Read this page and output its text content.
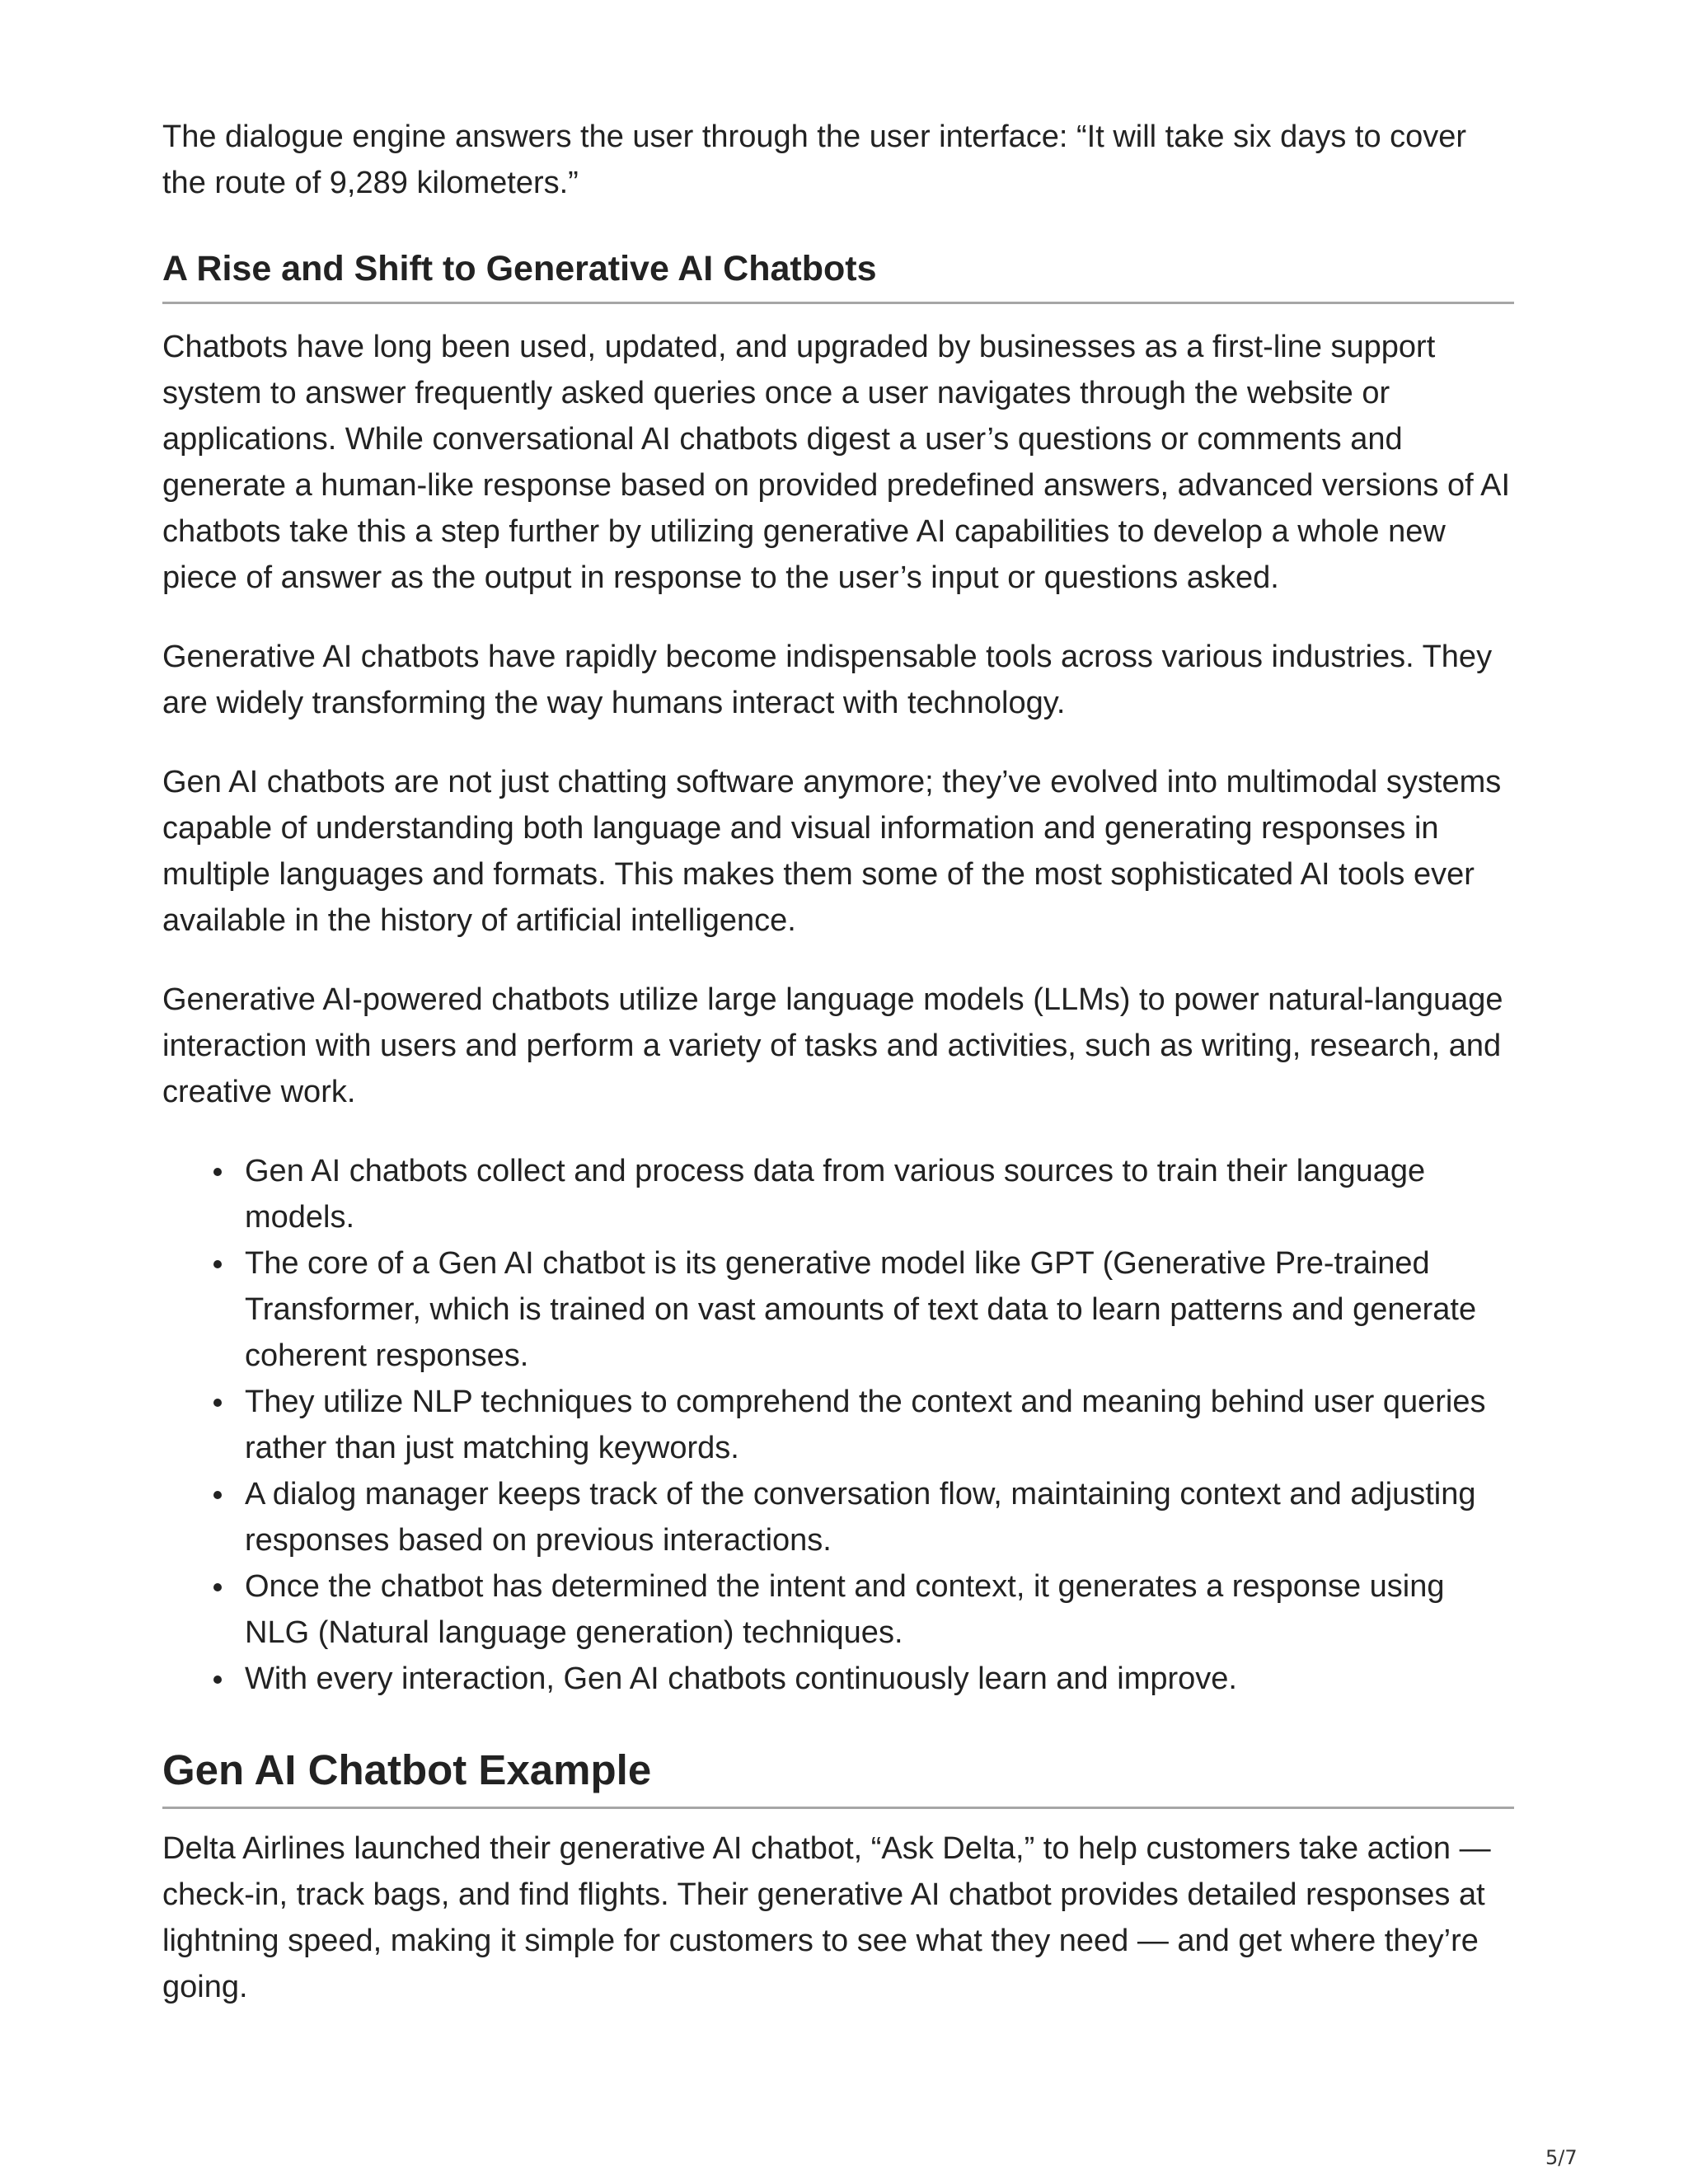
The dialogue engine answers the user through the user interface: “It will take six days to cover the route of 9,289 kilometers.”

A Rise and Shift to Generative AI Chatbots

Chatbots have long been used, updated, and upgraded by businesses as a first-line support system to answer frequently asked queries once a user navigates through the website or applications. While conversational AI chatbots digest a user’s questions or comments and generate a human-like response based on provided predefined answers, advanced versions of AI chatbots take this a step further by utilizing generative AI capabilities to develop a whole new piece of answer as the output in response to the user’s input or questions asked.

Generative AI chatbots have rapidly become indispensable tools across various industries. They are widely transforming the way humans interact with technology.

Gen AI chatbots are not just chatting software anymore; they’ve evolved into multimodal systems capable of understanding both language and visual information and generating responses in multiple languages and formats. This makes them some of the most sophisticated AI tools ever available in the history of artificial intelligence.

Generative AI-powered chatbots utilize large language models (LLMs) to power natural-language interaction with users and perform a variety of tasks and activities, such as writing, research, and creative work.

Gen AI chatbots collect and process data from various sources to train their language models.
The core of a Gen AI chatbot is its generative model like GPT (Generative Pre-trained Transformer, which is trained on vast amounts of text data to learn patterns and generate coherent responses.
They utilize NLP techniques to comprehend the context and meaning behind user queries rather than just matching keywords.
A dialog manager keeps track of the conversation flow, maintaining context and adjusting responses based on previous interactions.
Once the chatbot has determined the intent and context, it generates a response using NLG (Natural language generation) techniques.
With every interaction, Gen AI chatbots continuously learn and improve.
Gen AI Chatbot Example

Delta Airlines launched their generative AI chatbot, “Ask Delta,” to help customers take action — check-in, track bags, and find flights. Their generative AI chatbot provides detailed responses at lightning speed, making it simple for customers to see what they need — and get where they’re going.

5/7
